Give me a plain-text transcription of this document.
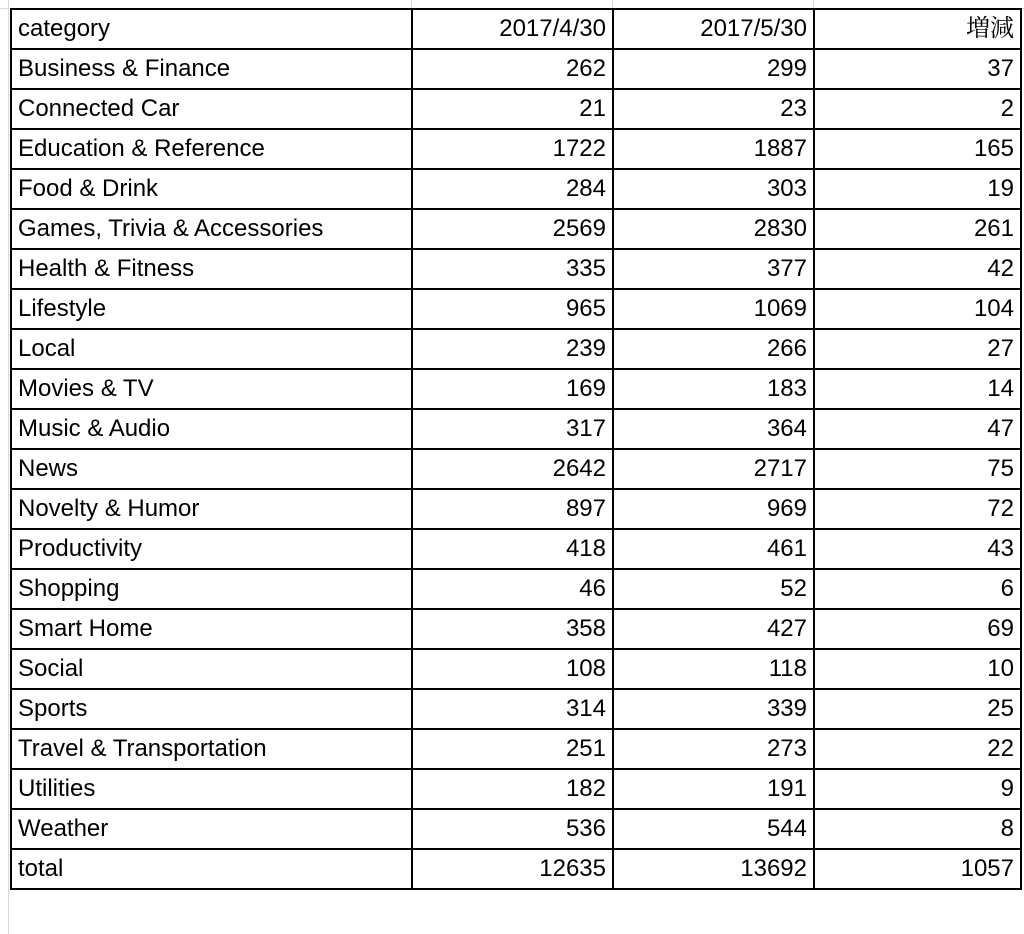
category	2017/4/30	2017/5/30	増減
Business & Finance	262	299	37
Connected Car	21	23	2
Education & Reference	1722	1887	165
Food & Drink	284	303	19
Games, Trivia & Accessories	2569	2830	261
Health & Fitness	335	377	42
Lifestyle	965	1069	104
Local	239	266	27
Movies & TV	169	183	14
Music & Audio	317	364	47
News	2642	2717	75
Novelty & Humor	897	969	72
Productivity	418	461	43
Shopping	46	52	6
Smart Home	358	427	69
Social	108	118	10
Sports	314	339	25
Travel & Transportation	251	273	22
Utilities	182	191	9
Weather	536	544	8
total	12635	13692	1057
